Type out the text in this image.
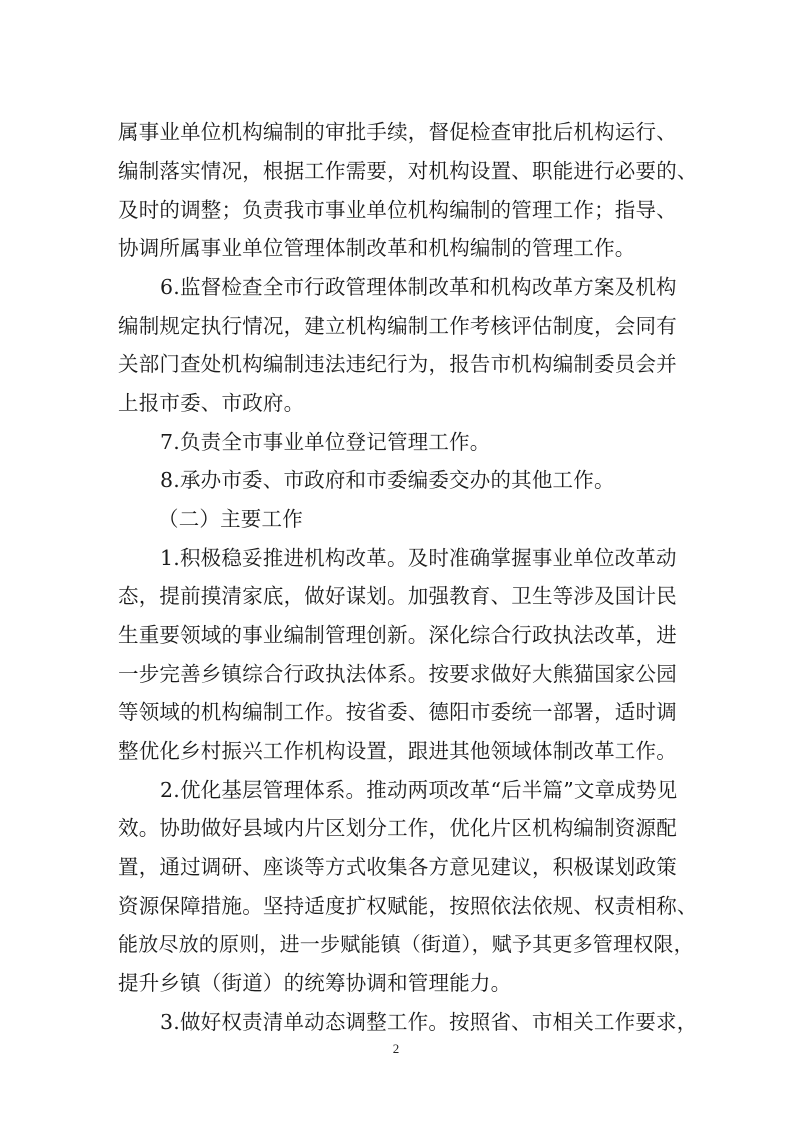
属事业单位机构编制的审批手续，督促检查审批后机构运行、
编制落实情况，根据工作需要，对机构设置、职能进行必要的、
及时的调整；负责我市事业单位机构编制的管理工作；指导、
协调所属事业单位管理体制改革和机构编制的管理工作。
6.监督检查全市行政管理体制改革和机构改革方案及机构
编制规定执行情况，建立机构编制工作考核评估制度，会同有
关部门查处机构编制违法违纪行为，报告市机构编制委员会并
上报市委、市政府。
7.负责全市事业单位登记管理工作。
8.承办市委、市政府和市委编委交办的其他工作。
（二）主要工作
1.积极稳妥推进机构改革。及时准确掌握事业单位改革动
态，提前摸清家底，做好谋划。加强教育、卫生等涉及国计民
生重要领域的事业编制管理创新。深化综合行政执法改革，进
一步完善乡镇综合行政执法体系。按要求做好大熊猫国家公园
等领域的机构编制工作。按省委、德阳市委统一部署，适时调
整优化乡村振兴工作机构设置，跟进其他领域体制改革工作。
2.优化基层管理体系。推动两项改革“后半篇”文章成势见
效。协助做好县域内片区划分工作，优化片区机构编制资源配
置，通过调研、座谈等方式收集各方意见建议，积极谋划政策
资源保障措施。坚持适度扩权赋能，按照依法依规、权责相称、
能放尽放的原则，进一步赋能镇（街道），赋予其更多管理权限，
提升乡镇（街道）的统筹协调和管理能力。
3.做好权责清单动态调整工作。按照省、市相关工作要求，
2
